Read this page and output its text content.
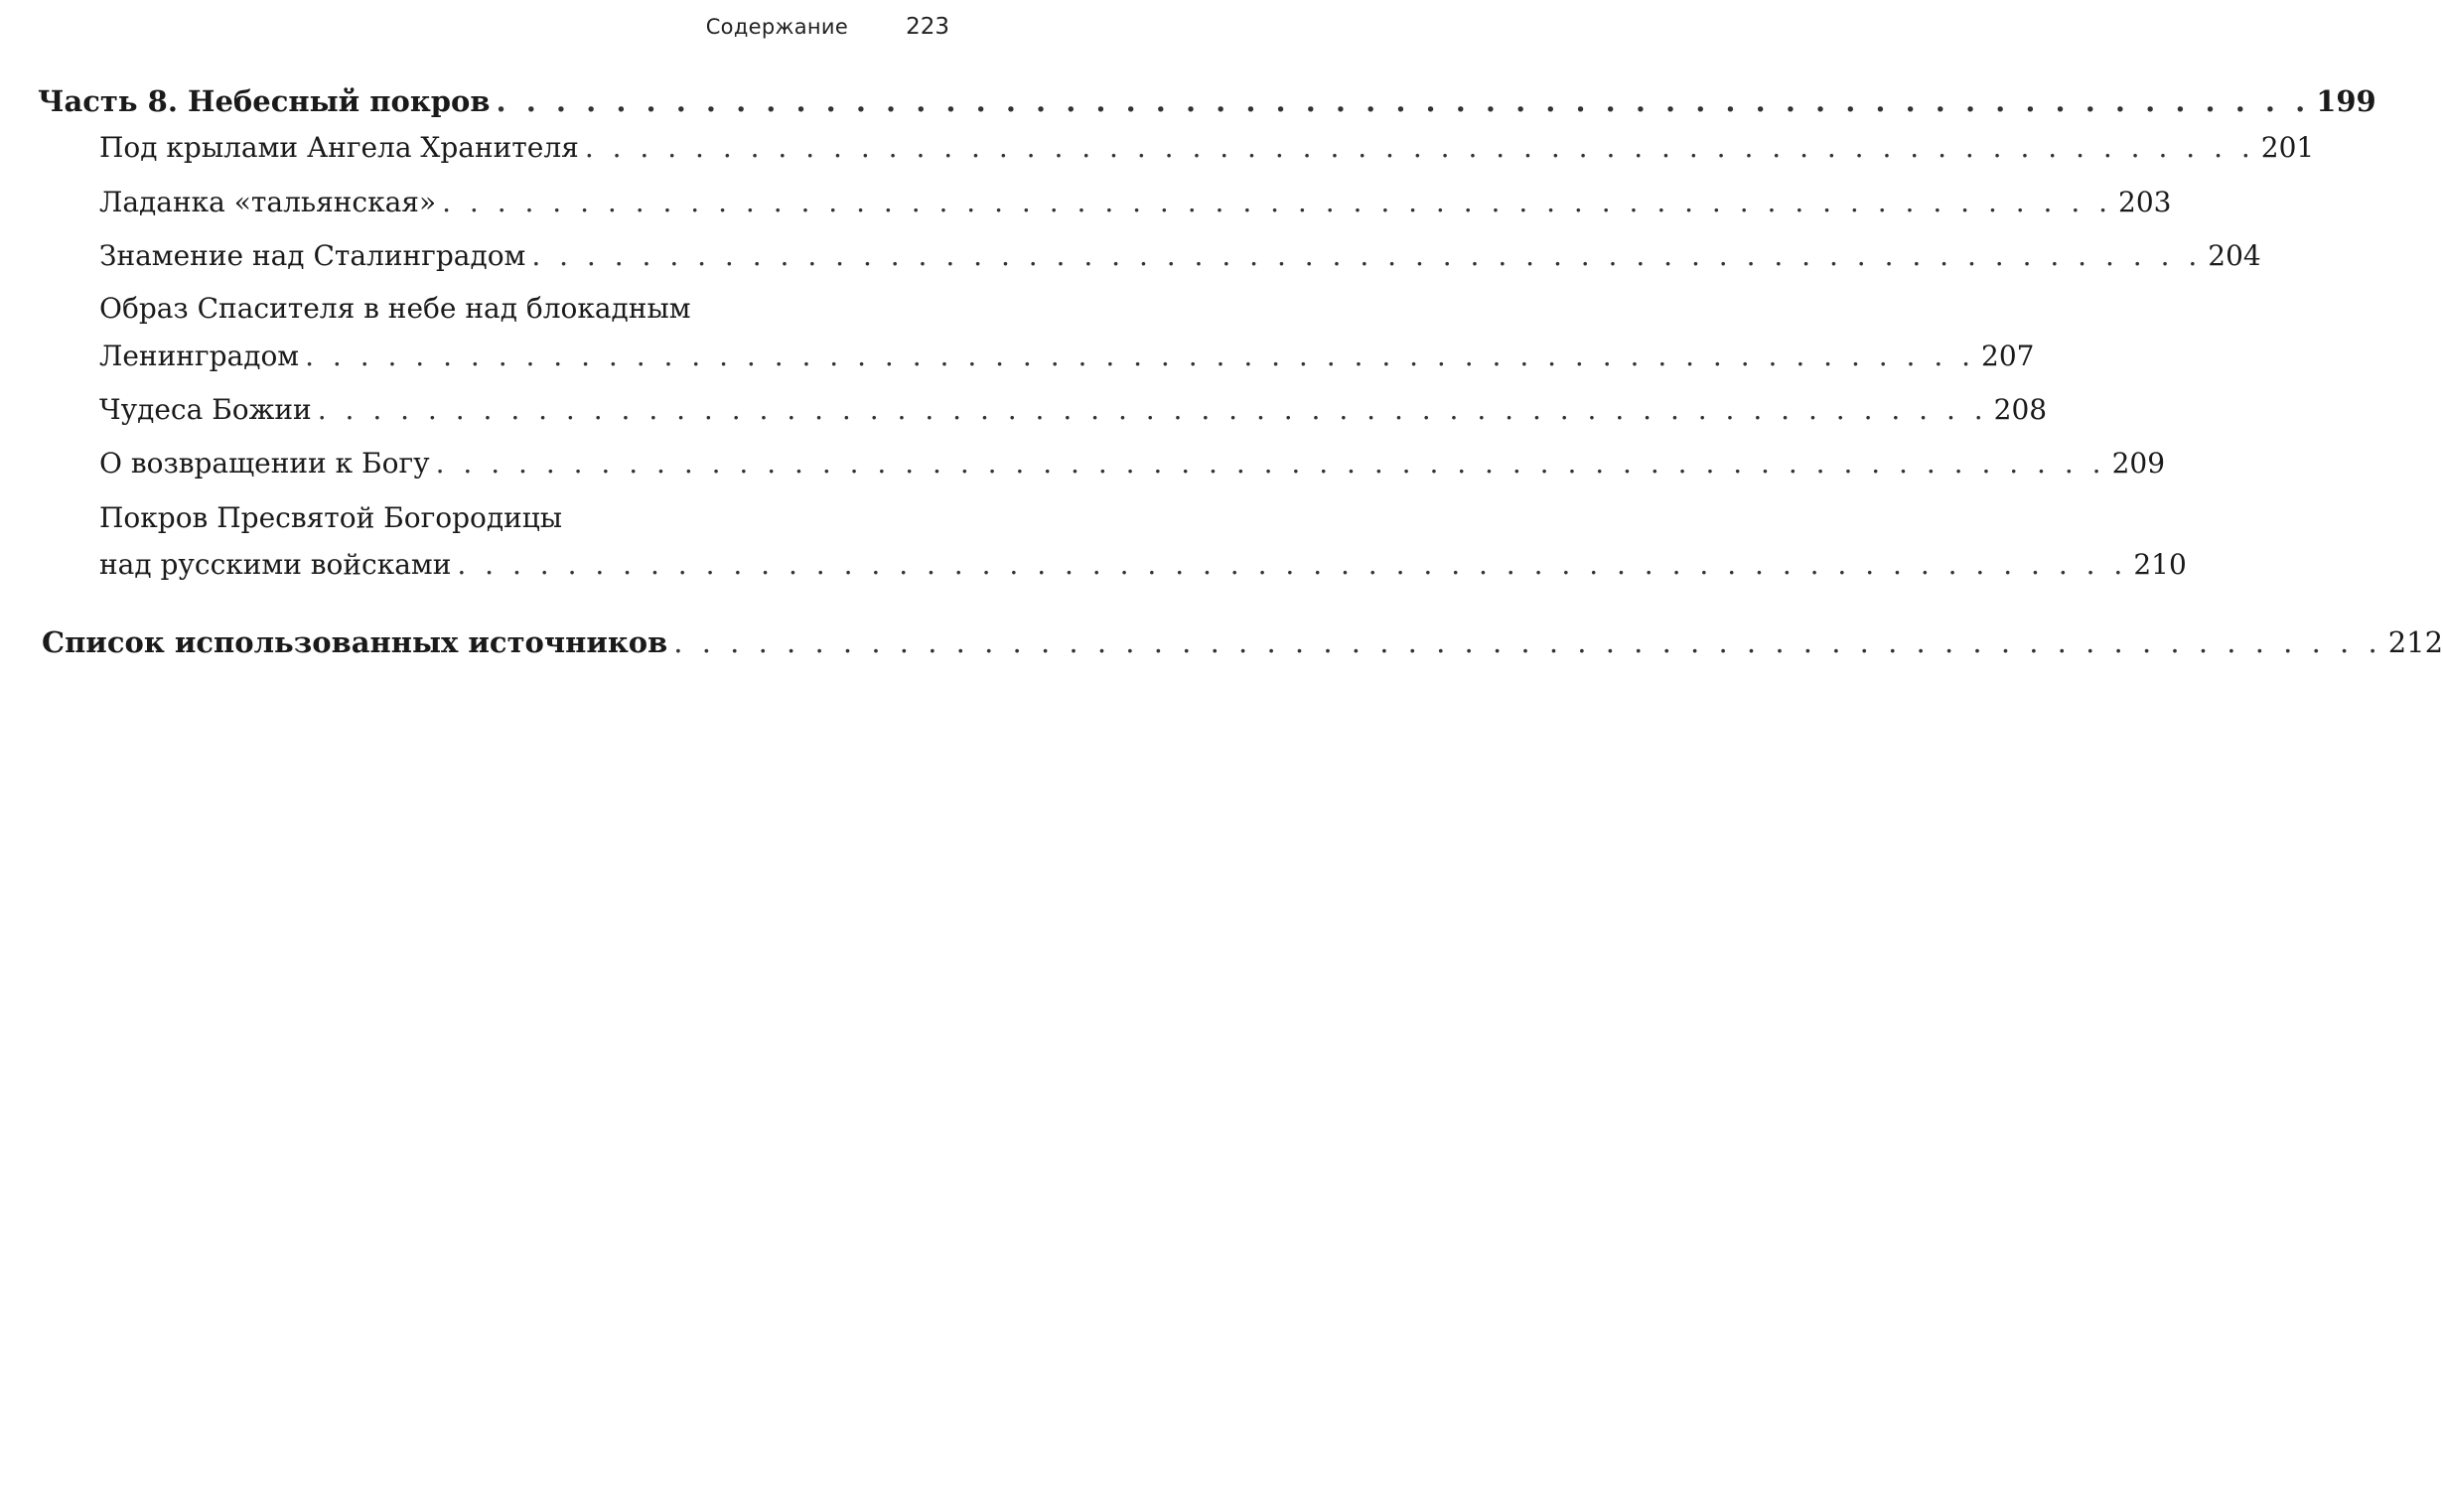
Содержание	223
Часть 8. Небесный покров . . . . . . . . . . . . . . . . . . . . . . . . . . . . . . . . . . . . . . . . . . . . . . . . . . . . . . . . . . . . . 199
Под крылами Ангела Хранителя . . . . . . . . . . . . . . . . . . . . . . . . . . . . . . . . . . . . . . . . . . . . . . . . . . . . . . . . . . . . . 201
Ладанка «тальянская» . . . . . . . . . . . . . . . . . . . . . . . . . . . . . . . . . . . . . . . . . . . . . . . . . . . . . . . . . . . . . 203
Знамение над Сталинградом . . . . . . . . . . . . . . . . . . . . . . . . . . . . . . . . . . . . . . . . . . . . . . . . . . . . . . . . . . . . . 204
Образ Спасителя в небе над блокадным
Ленинградом . . . . . . . . . . . . . . . . . . . . . . . . . . . . . . . . . . . . . . . . . . . . . . . . . . . . . . . . . . . . . 207
Чудеса Божии . . . . . . . . . . . . . . . . . . . . . . . . . . . . . . . . . . . . . . . . . . . . . . . . . . . . . . . . . . . . . 208
О возвращении к Богу . . . . . . . . . . . . . . . . . . . . . . . . . . . . . . . . . . . . . . . . . . . . . . . . . . . . . . . . . . . . . 209
Покров Пресвятой Богородицы
над русскими войсками . . . . . . . . . . . . . . . . . . . . . . . . . . . . . . . . . . . . . . . . . . . . . . . . . . . . . . . . . . . . . 210
Список использованных источников . . . . . . . . . . . . . . . . . . . . . . . . . . . . . . . . . . . . . . . . . . . . . . . . . . . . . . . . . . . . . 212
